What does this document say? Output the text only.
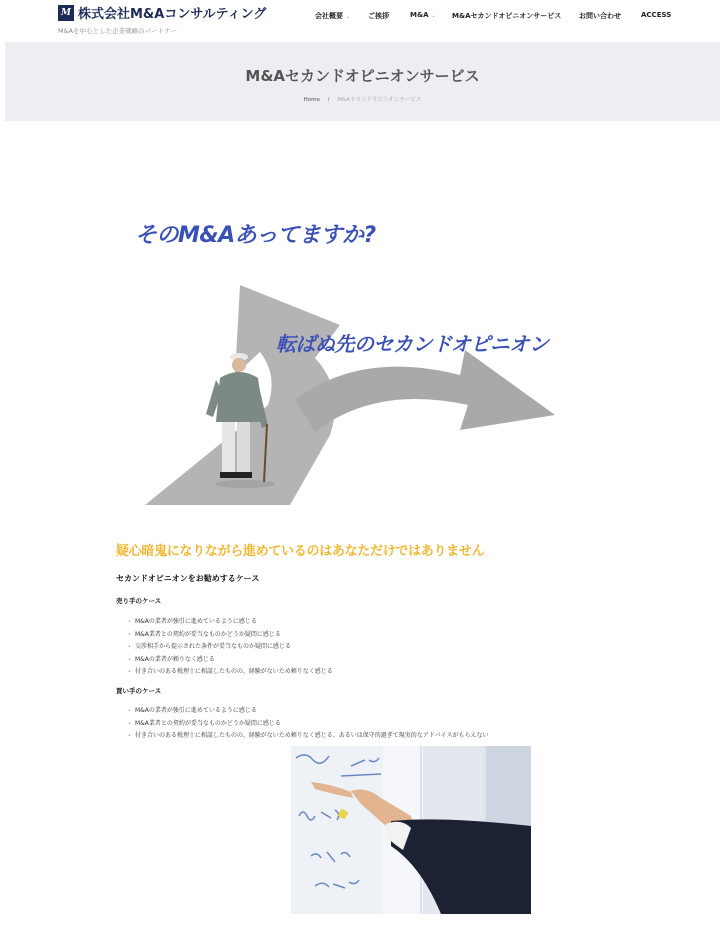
M 株式会社M&Aコンサルティング
M&Aを中心とした企業戦略のパートナー
会社概要 ⌄	ご挨拶	M&A ⌄ M&Aセカンドオピニオンサービス	お問い合わせ	ACCESS
M&Aセカンドオピニオンサービス
Home / M&Aセカンドオピニオンサービス
そのM&Aあってますか?
転ばぬ先のセカンドオピニオン
疑心暗鬼になりながら進めているのはあなただけではありません
セカンドオピニオンをお勧めするケース
売り手のケース
• M&Aの業者が強引に進めているように感じる
• M&A業者との契約が妥当なものかどうか疑問に感じる
• 交渉相手から提示された条件が妥当なものか疑問に感じる
• M&Aの業者が頼りなく感じる
• 付き合いのある税理士に相談したものの、経験がないため頼りなく感じる
買い手のケース
• M&Aの業者が強引に進めているように感じる
• M&A業者との契約が妥当なものかどうか疑問に感じる
• 付き合いのある税理士に相談したものの、経験がないため頼りなく感じる、あるいは保守的過ぎて現実的なアドバイスがもらえない
